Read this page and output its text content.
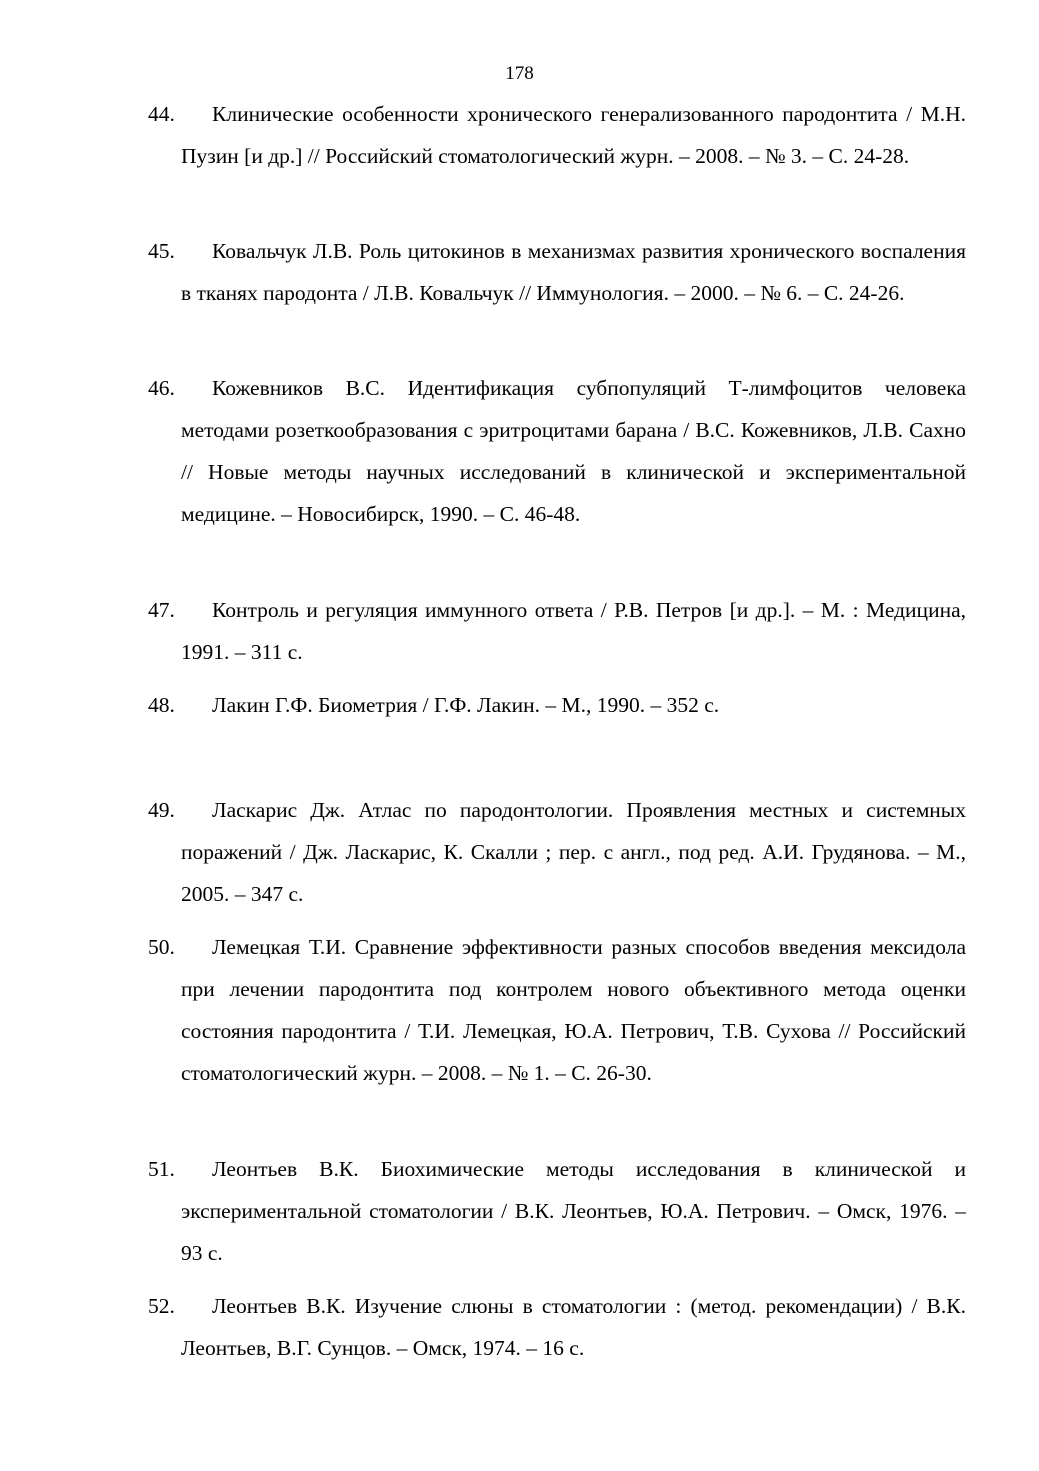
178
44.	Клинические особенности хронического генерализованного пародонтита / М.Н. Пузин [и др.] // Российский стоматологический журн. – 2008. – № 3. – С. 24-28.
45.	Ковальчук Л.В. Роль цитокинов в механизмах развития хронического воспаления в тканях пародонта / Л.В. Ковальчук // Иммунология. – 2000. – № 6. – С. 24-26.
46.	Кожевников В.С. Идентификация субпопуляций Т-лимфоцитов человека методами розеткообразования с эритроцитами барана / В.С. Кожевников, Л.В. Сахно // Новые методы научных исследований в клинической и экспериментальной медицине. – Новосибирск, 1990. – С. 46-48.
47.	Контроль и регуляция иммунного ответа / Р.В. Петров [и др.]. – М. : Медицина, 1991. – 311 с.
48.	Лакин Г.Ф. Биометрия / Г.Ф. Лакин. – М., 1990. – 352 с.
49.	Ласкарис Дж. Атлас по пародонтологии. Проявления местных и системных поражений / Дж. Ласкарис, К. Скалли ; пер. с англ., под ред. А.И. Грудянова. – М., 2005. – 347 с.
50.	Лемецкая Т.И. Сравнение эффективности разных способов введения мексидола при лечении пародонтита под контролем нового объективного метода оценки состояния пародонтита / Т.И. Лемецкая, Ю.А. Петрович, Т.В. Сухова // Российский стоматологический журн. – 2008. – № 1. – С. 26-30.
51.	Леонтьев В.К. Биохимические методы исследования в клинической и экспериментальной стоматологии / В.К. Леонтьев, Ю.А. Петрович. – Омск, 1976. – 93 с.
52.	Леонтьев В.К. Изучение слюны в стоматологии : (метод. рекомендации) / В.К. Леонтьев, В.Г. Сунцов. – Омск, 1974. – 16 с.
